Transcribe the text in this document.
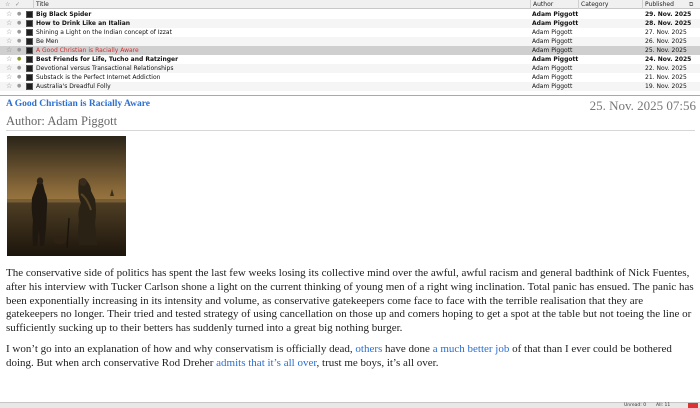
☆ ✓	Title	Author	Category	Published	⧉
☆ ● Big Black Spider	Adam Piggott	29. Nov. 2025
☆ ● How to Drink Like an Italian	Adam Piggott	28. Nov. 2025
☆ ● Shining a Light on the Indian concept of Izzat	Adam Piggott	27. Nov. 2025
☆ ● Be Men	Adam Piggott	26. Nov. 2025
☆ ● A Good Christian is Racially Aware	Adam Piggott	25. Nov. 2025
☆ ● Best Friends for Life, Tucho and Ratzinger	Adam Piggott	24. Nov. 2025
☆ ● Devotional versus Transactional Relationships	Adam Piggott	22. Nov. 2025
☆ ● Substack is the Perfect Internet Addiction	Adam Piggott	21. Nov. 2025
☆ ● Australia's Dreadful Folly	Adam Piggott	19. Nov. 2025
A Good Christian is Racially Aware	25. Nov. 2025 07:56
Author: Adam Piggott

The conservative side of politics has spent the last few weeks losing its collective mind over the awful, awful racism and general badthink of Nick Fuentes, after his interview with Tucker Carlson shone a light on the current thinking of young men of a right wing inclination. Total panic has ensued. The panic has been exponentially increasing in its intensity and volume, as conservative gatekeepers come face to face with the terrible realisation that they are gatekeepers no longer. Their tried and tested strategy of using cancellation on those up and comers hoping to get a spot at the table but not toeing the line or sufficiently sucking up to their betters has suddenly turned into a great big nothing burger.

I won’t go into an explanation of how and why conservatism is officially dead, others have done a much better job of that than I ever could be bothered doing. But when arch conservative Rod Dreher admits that it’s all over, trust me boys, it’s all over.

Unread: 0 All: 11
